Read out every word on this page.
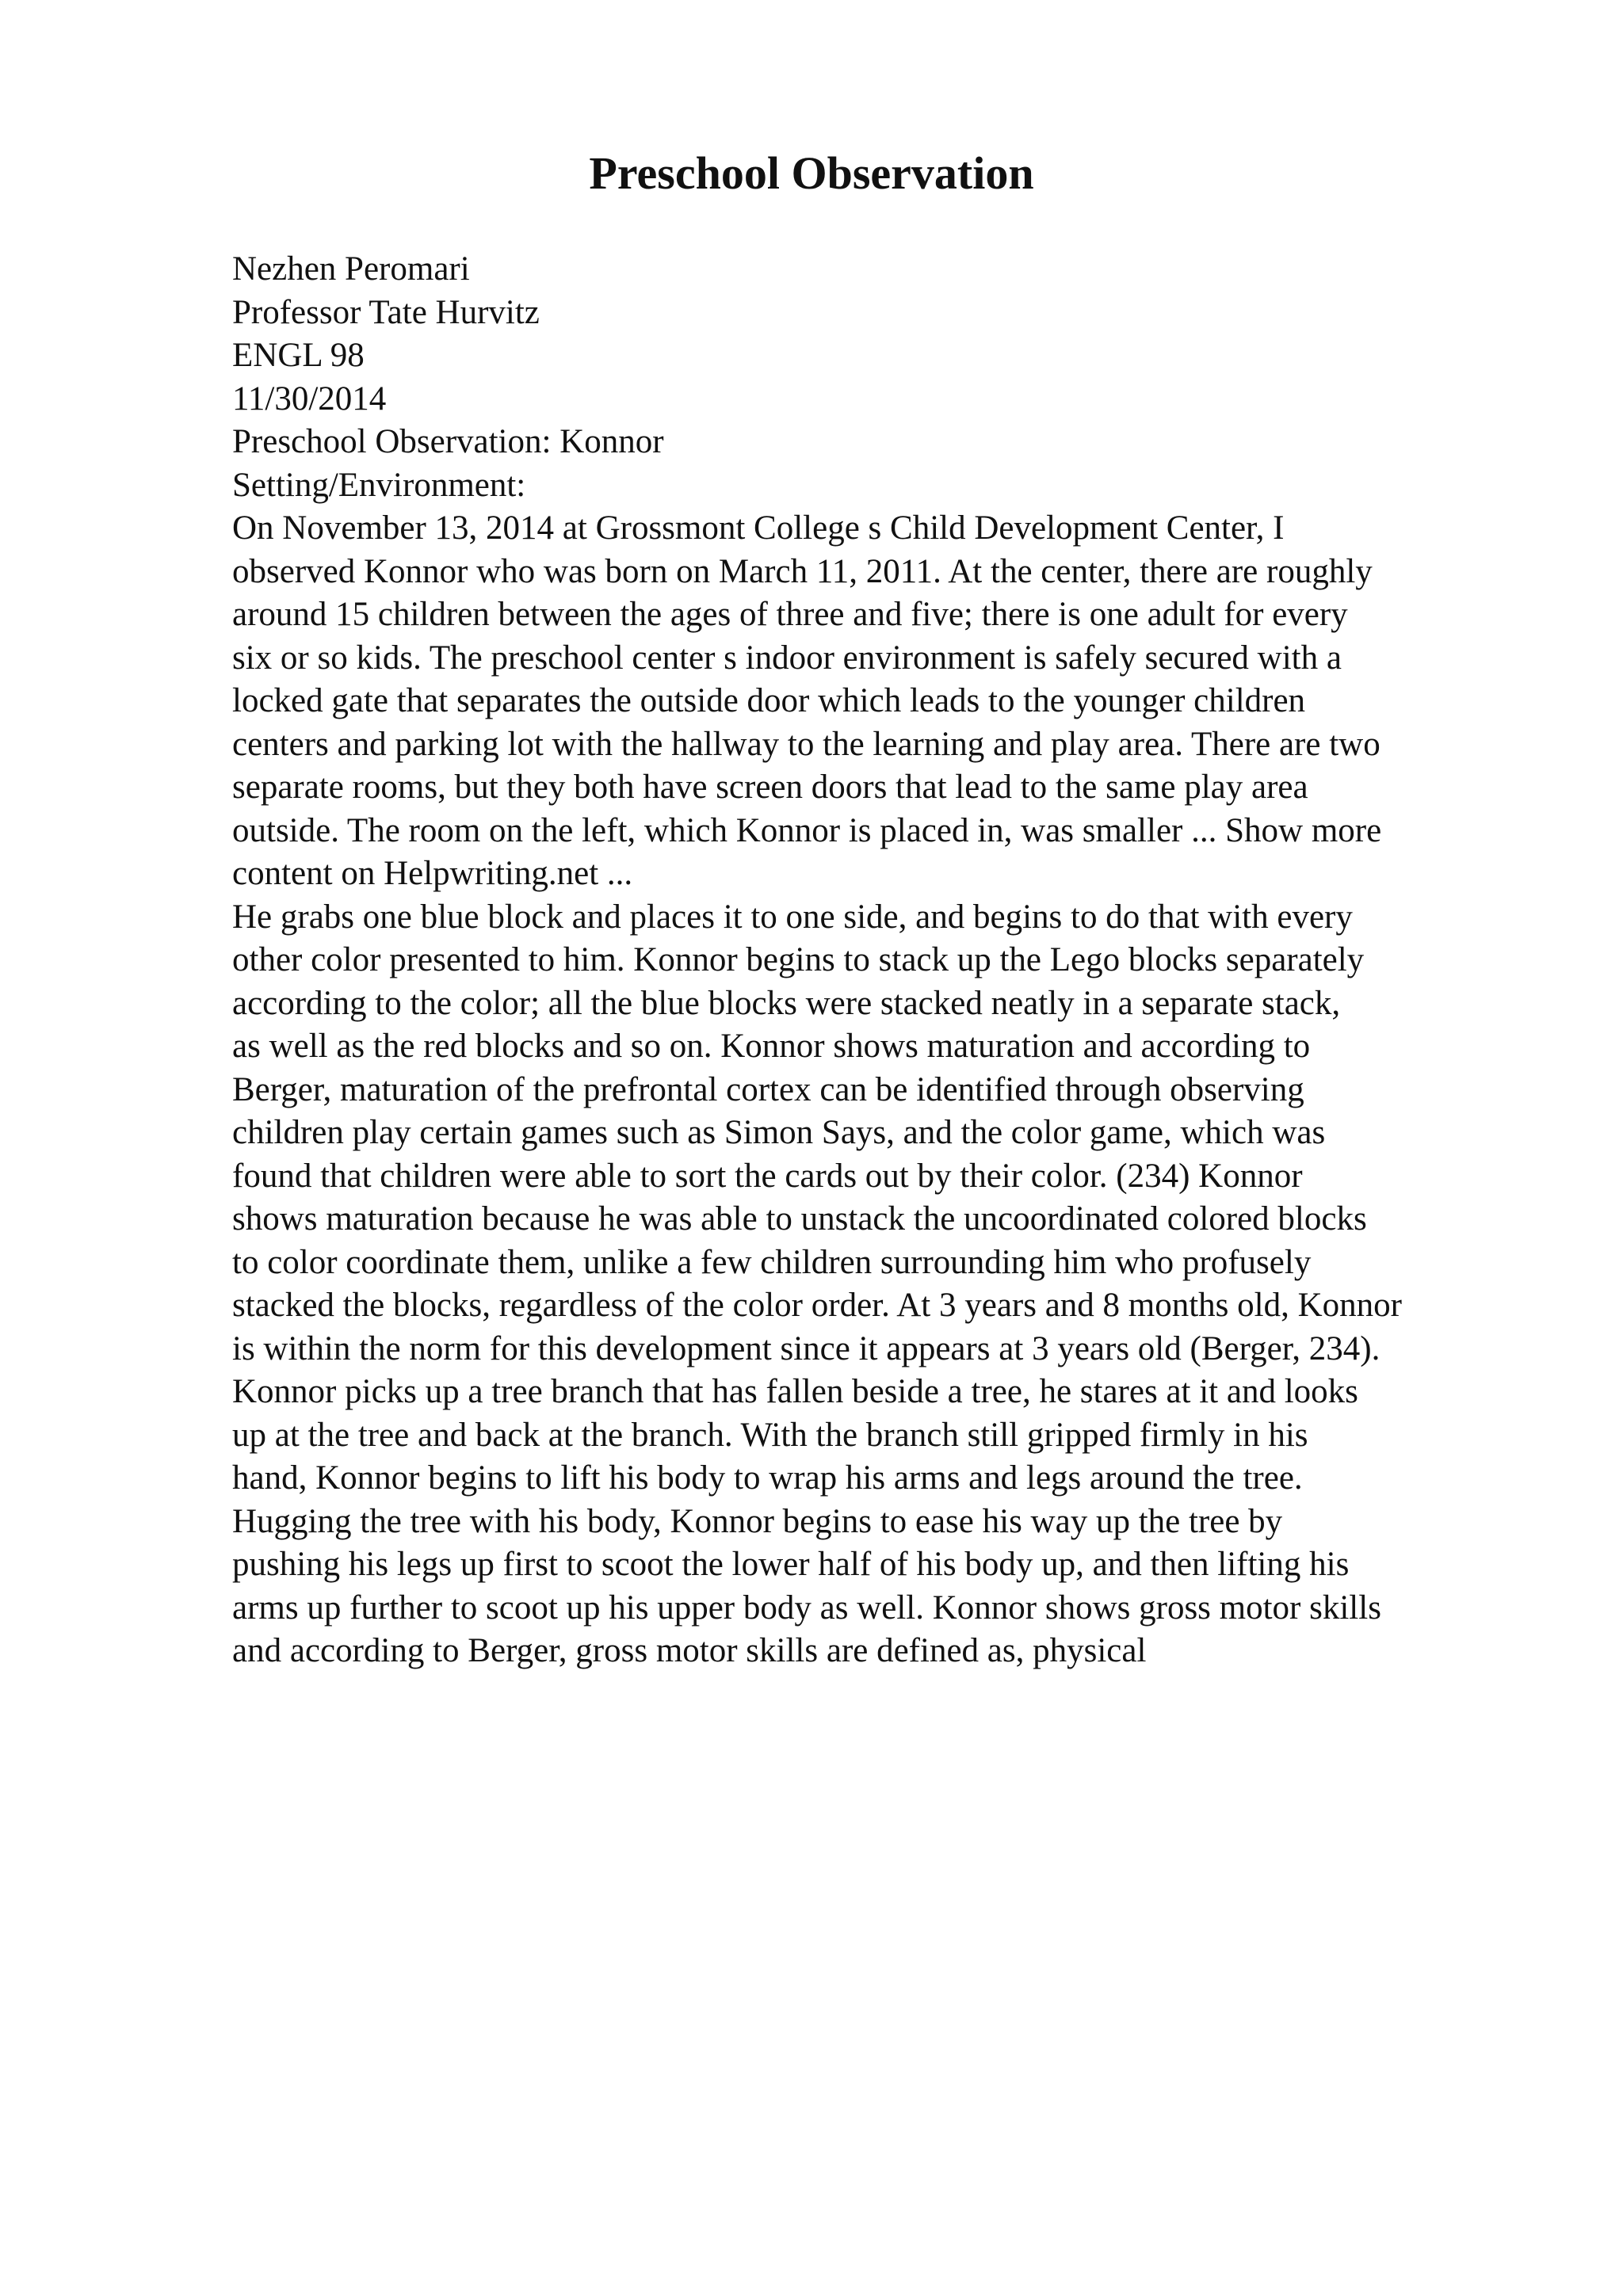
Preschool Observation
Nezhen Peromari
Professor Tate Hurvitz
ENGL 98
11/30/2014
Preschool Observation: Konnor
Setting/Environment:
On November 13, 2014 at Grossmont College s Child Development Center, I
observed Konnor who was born on March 11, 2011. At the center, there are roughly
around 15 children between the ages of three and five; there is one adult for every
six or so kids. The preschool center s indoor environment is safely secured with a
locked gate that separates the outside door which leads to the younger children
centers and parking lot with the hallway to the learning and play area. There are two
separate rooms, but they both have screen doors that lead to the same play area
outside. The room on the left, which Konnor is placed in, was smaller ... Show more
content on Helpwriting.net ...
He grabs one blue block and places it to one side, and begins to do that with every
other color presented to him. Konnor begins to stack up the Lego blocks separately
according to the color; all the blue blocks were stacked neatly in a separate stack,
as well as the red blocks and so on. Konnor shows maturation and according to
Berger, maturation of the prefrontal cortex can be identified through observing
children play certain games such as Simon Says, and the color game, which was
found that children were able to sort the cards out by their color. (234) Konnor
shows maturation because he was able to unstack the uncoordinated colored blocks
to color coordinate them, unlike a few children surrounding him who profusely
stacked the blocks, regardless of the color order. At 3 years and 8 months old, Konnor
is within the norm for this development since it appears at 3 years old (Berger, 234).
Konnor picks up a tree branch that has fallen beside a tree, he stares at it and looks
up at the tree and back at the branch. With the branch still gripped firmly in his
hand, Konnor begins to lift his body to wrap his arms and legs around the tree.
Hugging the tree with his body, Konnor begins to ease his way up the tree by
pushing his legs up first to scoot the lower half of his body up, and then lifting his
arms up further to scoot up his upper body as well. Konnor shows gross motor skills
and according to Berger, gross motor skills are defined as, physical
